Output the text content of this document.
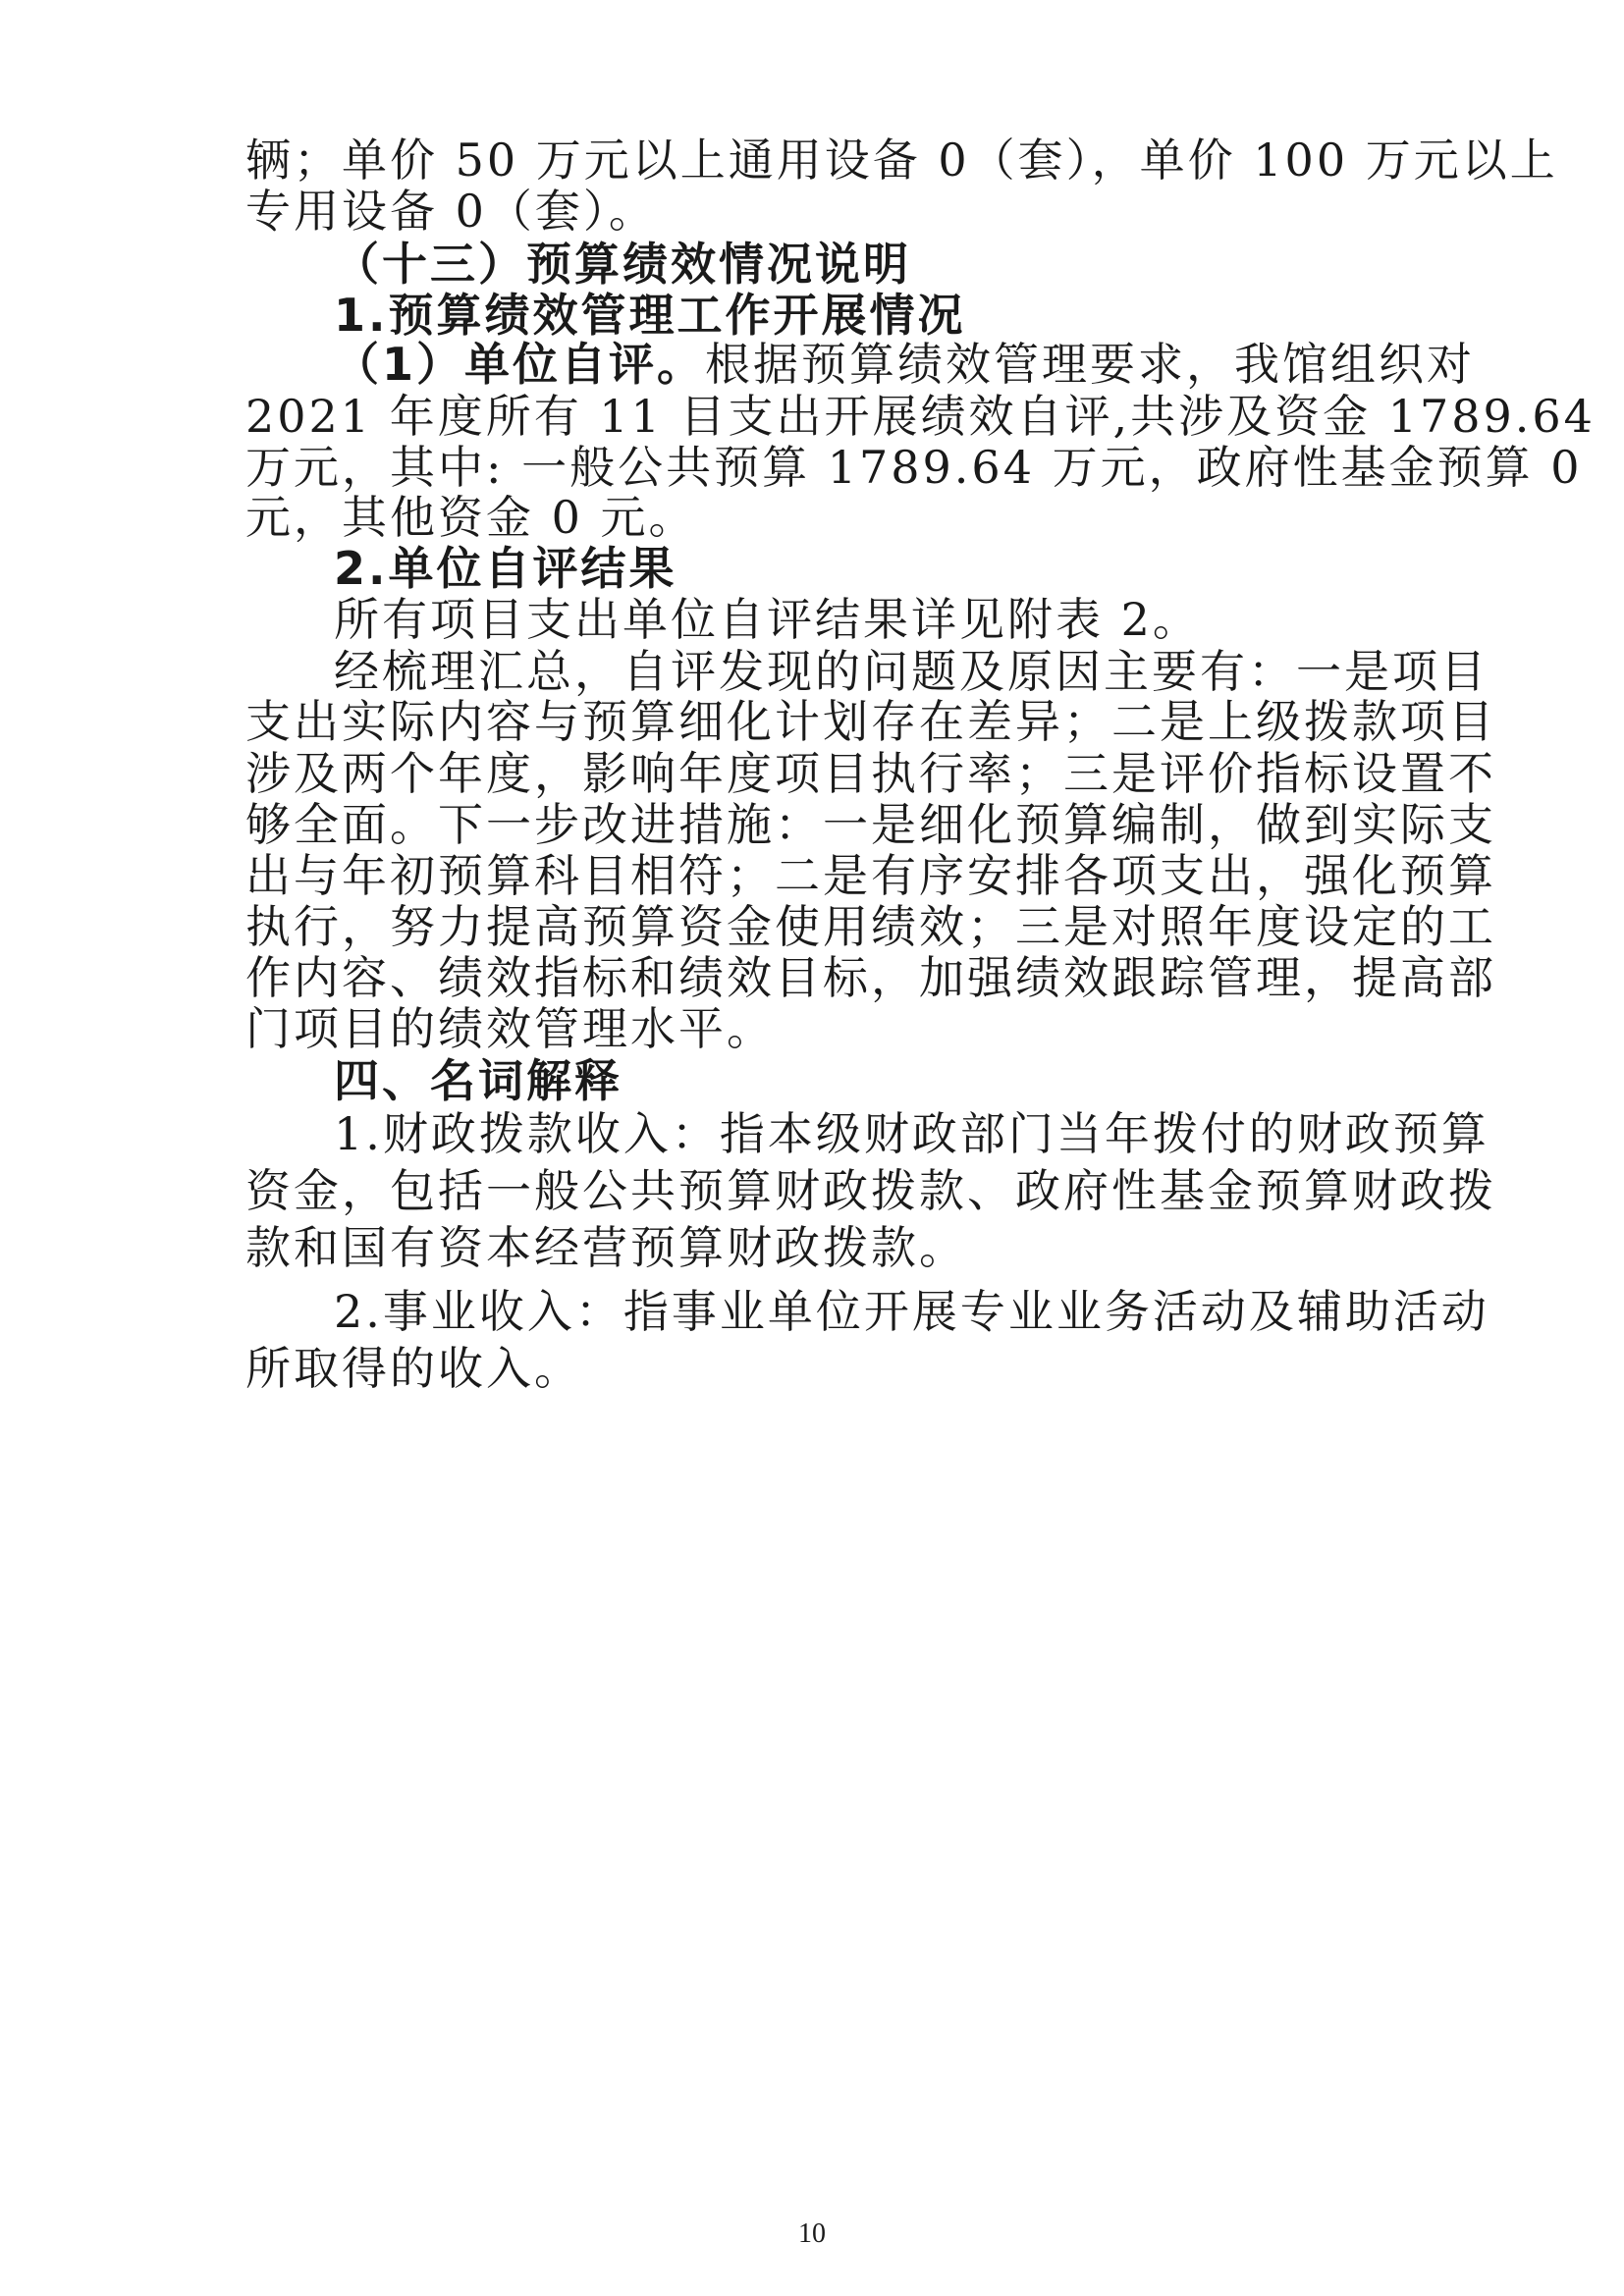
辆；单价 50 万元以上通用设备 0（套），单价 100 万元以上
专用设备 0（套）。
（十三）预算绩效情况说明
1.预算绩效管理工作开展情况
（1）单位自评。根据预算绩效管理要求，我馆组织对
2021 年度所有 11 目支出开展绩效自评,共涉及资金 1789.64
万元，其中: 一般公共预算 1789.64 万元，政府性基金预算 0
元，其他资金 0 元。
2.单位自评结果
所有项目支出单位自评结果详见附表 2。
经梳理汇总，自评发现的问题及原因主要有：一是项目
支出实际内容与预算细化计划存在差异；二是上级拨款项目
涉及两个年度，影响年度项目执行率；三是评价指标设置不
够全面。下一步改进措施：一是细化预算编制，做到实际支
出与年初预算科目相符；二是有序安排各项支出，强化预算
执行，努力提高预算资金使用绩效；三是对照年度设定的工
作内容、绩效指标和绩效目标，加强绩效跟踪管理，提高部
门项目的绩效管理水平。
四、名词解释
1.财政拨款收入：指本级财政部门当年拨付的财政预算
资金，包括一般公共预算财政拨款、政府性基金预算财政拨
款和国有资本经营预算财政拨款。
2.事业收入：指事业单位开展专业业务活动及辅助活动
所取得的收入。
10
